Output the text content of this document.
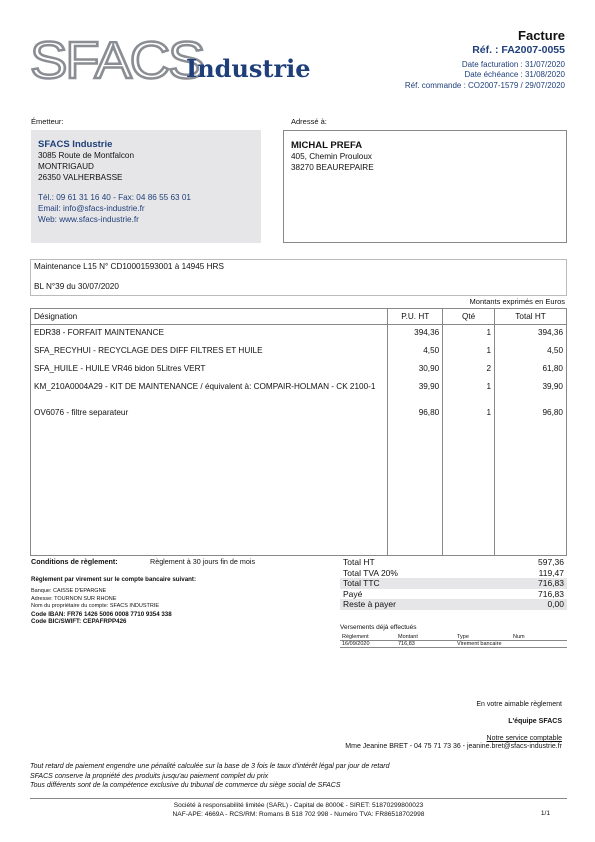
SFACS
Industrie
Facture
Réf. : FA2007-0055
Date facturation : 31/07/2020
Date échéance : 31/08/2020
Réf. commande : CO2007-1579 / 29/07/2020
Émetteur:
SFACS Industrie
3085 Route de Montfalcon
MONTRIGAUD
26350 VALHERBASSE
Tél.: 09 61 31 16 40 - Fax: 04 86 55 63 01
Email: info@sfacs-industrie.fr
Web: www.sfacs-industrie.fr
Adressé à:
MICHAL PREFA
405, Chemin Prouloux
38270 BEAUREPAIRE
Maintenance L15 N° CD10001593001 à 14945 HRS
BL N°39 du 30/07/2020
Montants exprimés en Euros
Désignation	P.U. HT	Qté	Total HT
EDR38 - FORFAIT MAINTENANCE	394,36	1	394,36
SFA_RECYHUI - RECYCLAGE DES DIFF FILTRES ET HUILE	4,50	1	4,50
SFA_HUILE - HUILE VR46 bidon 5Litres VERT	30,90	2	61,80
KM_210A0004A29 - KIT DE MAINTENANCE / équivalent à: COMPAIR-HOLMAN - CK 2100-1	39,90	1	39,90
OV6076 - filtre separateur	96,80	1	96,80
Conditions de règlement:	Règlement à 30 jours fin de mois
Règlement par virement sur le compte bancaire suivant:
Banque: CAISSE D'EPARGNE
Adresse: TOURNON SUR RHONE
Nom du propriétaire du compte: SFACS INDUSTRIE
Code IBAN: FR76 1426 5006 0008 7710 9354 338
Code BIC/SWIFT: CEPAFRPP426
Total HT	597,36
Total TVA 20%	119,47
Total TTC	716,83
Payé	716,83
Reste à payer	0,00
Versements déjà effectués
Règlement	Montant	Type	Num
16/09/2020	716,83	Virement bancaire	
En votre aimable règlement
L'équipe SFACS
Notre service comptable
Mme Jeanine BRET - 04 75 71 73 36 - jeanine.bret@sfacs-industrie.fr
Tout retard de paiement engendre une pénalité calculée sur la base de 3 fois le taux d'intérêt légal par jour de retard
SFACS conserve la propriété des produits jusqu'au paiement complet du prix
Tous différents sont de la compétence exclusive du tribunal de commerce du siège social de SFACS
Société à responsabilité limitée (SARL) - Capital de 8000€ - SIRET: 51870299800023
NAF-APE: 4669A - RCS/RM: Romans B 518 702 998 - Numéro TVA: FR86518702998	1/1
